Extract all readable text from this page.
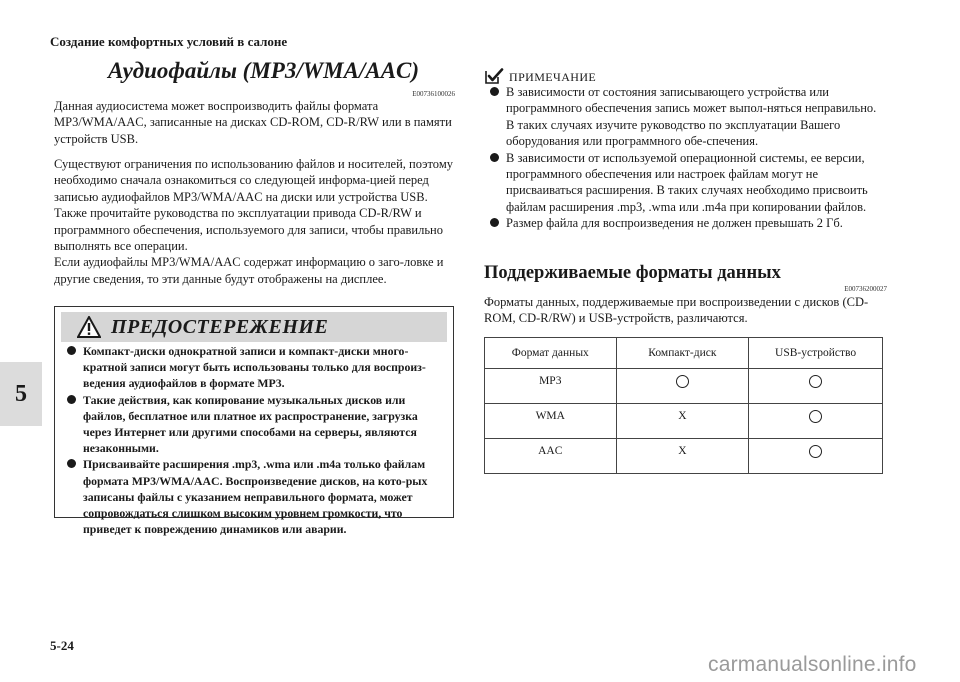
Создание комфортных условий в салоне
5
5-24
carmanualsonline.info
Аудиофайлы (MP3/WMA/AAC)
E00736100026
Данная аудиосистема может воспроизводить файлы формата MP3/WMA/AAC, записанные на дисках CD-ROM, CD-R/RW или в памяти устройств USB.
Существуют ограничения по использованию файлов и носителей, поэтому необходимо сначала ознакомиться со следующей информа-цией перед записью аудиофайлов MP3/WMA/AAC на диски или устройства USB.
Также прочитайте руководства по эксплуатации привода CD-R/RW и программного обеспечения, используемого для записи, чтобы правильно выполнять все операции.
Если аудиофайлы MP3/WMA/AAC содержат информацию о заго-ловке и другие сведения, то эти данные будут отображены на дисплее.
ПРЕДОСТЕРЕЖЕНИЕ
Компакт-диски однократной записи и компакт-диски много-кратной записи могут быть использованы только для воспроиз-ведения аудиофайлов в формате MP3.
Такие действия, как копирование музыкальных дисков или файлов, бесплатное или платное их распространение, загрузка через Интернет или другими способами на серверы, являются незаконными.
Присваивайте расширения .mp3, .wma или .m4a только файлам формата MP3/WMA/AAC. Воспроизведение дисков, на кото-рых записаны файлы с указанием неправильного формата, может сопровождаться слишком высоким уровнем громкости, что приведет к повреждению динамиков или аварии.
ПРИМЕЧАНИЕ
В зависимости от состояния записывающего устройства или программного обеспечения запись может выпол-няться неправильно. В таких случаях изучите руководство по эксплуатации Вашего оборудования или программного обе-спечения.
В зависимости от используемой операционной системы, ее версии, программного обеспечения или настроек файлам могут не присваиваться расширения. В таких случаях необходимо присвоить файлам расширения .mp3, .wma или .m4a при копировании файлов.
Размер файла для воспроизведения не должен превышать 2 Гб.
Поддерживаемые форматы данных
E00736200027
Форматы данных, поддерживаемые при воспроизведении с дисков (CD-ROM, CD-R/RW) и USB-устройств, различаются.
Формат данных	Компакт-диск	USB-устройство
MP3		
WMA	X	
AAC	X	
